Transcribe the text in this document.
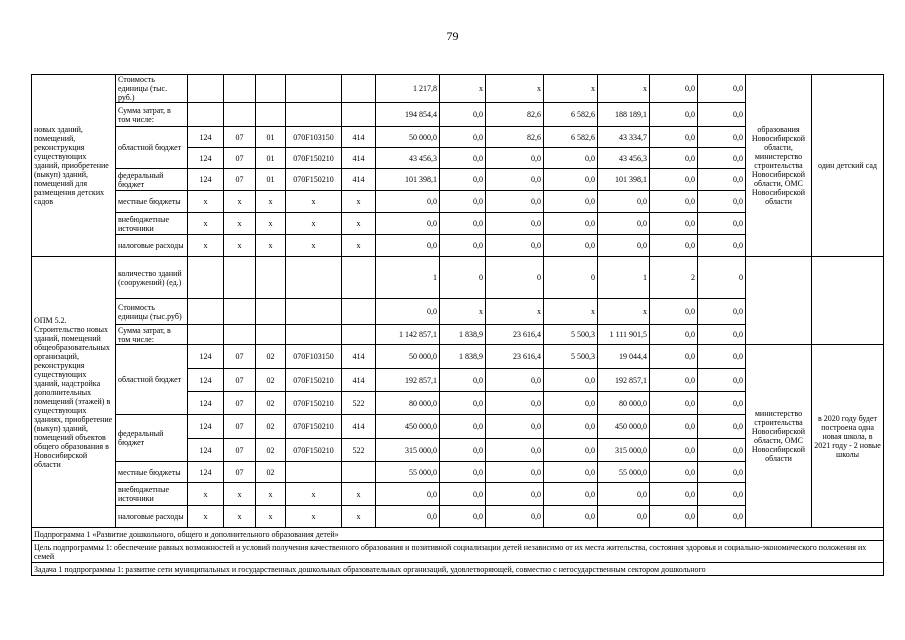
79
новых зданий, помещений, реконструкция существующих зданий, приобретение (выкуп) зданий, помещений для размещения детских садов	Стоимость единицы (тыс. руб.)						1 217,8	x	x	x	x	0,0	0,0	образования Новосибирской области, министерство строительства Новосибирской области, ОМС Новосибирской области	один детский сад
	Сумма затрат, в том числе:						194 854,4	0,0	82,6	6 582,6	188 189,1	0,0	0,0		
	областной бюджет	124	07	01	070F103150	414	50 000,0	0,0	82,6	6 582,6	43 334,7	0,0	0,0		
		124	07	01	070F150210	414	43 456,3	0,0	0,0	0,0	43 456,3	0,0	0,0		
	федеральный бюджет	124	07	01	070F150210	414	101 398,1	0,0	0,0	0,0	101 398,1	0,0	0,0		
	местные бюджеты	x	x	x	x	x	0,0	0,0	0,0	0,0	0,0	0,0	0,0		
	внебюджетные источники	x	x	x	x	x	0,0	0,0	0,0	0,0	0,0	0,0	0,0		
	налоговые расходы	x	x	x	x	x	0,0	0,0	0,0	0,0	0,0	0,0	0,0		
ОПМ 5.2. Строительство новых зданий, помещений общеобразовательных организаций, реконструкция существующих зданий, надстройка дополнительных помещений (этажей) в существующих зданиях, приобретение (выкуп) зданий, помещений объектов общего образования в Новосибирской области	количество зданий (сооружений) (ед.)						1	0	0	0	1	2	0		
	Стоимость единицы (тыс.руб)						0,0	x	x	x	x	0,0	0,0		
	Сумма затрат, в том числе:						1 142 857,1	1 838,9	23 616,4	5 500,3	1 111 901,5	0,0	0,0		
	областной бюджет	124	07	02	070F103150	414	50 000,0	1 838,9	23 616,4	5 500,3	19 044,4	0,0	0,0	министерство строительства Новосибирской области, ОМС Новосибирской области	в 2020 году будет построена одна новая школа, в 2021 году - 2 новые школы
		124	07	02	070F150210	414	192 857,1	0,0	0,0	0,0	192 857,1	0,0	0,0		
		124	07	02	070F150210	522	80 000,0	0,0	0,0	0,0	80 000,0	0,0	0,0		
	федеральный бюджет	124	07	02	070F150210	414	450 000,0	0,0	0,0	0,0	450 000,0	0,0	0,0		
		124	07	02	070F150210	522	315 000,0	0,0	0,0	0,0	315 000,0	0,0	0,0		
	местные бюджеты	124	07	02			55 000,0	0,0	0,0	0,0	55 000,0	0,0	0,0		
	внебюджетные источники	x	x	x	x	x	0,0	0,0	0,0	0,0	0,0	0,0	0,0		
	налоговые расходы	x	x	x	x	x	0,0	0,0	0,0	0,0	0,0	0,0	0,0		
Подпрограмма 1 «Развитие дошкольного, общего и дополнительного образования детей»															
Цель подпрограммы 1: обеспечение равных возможностей и условий получения качественного образования и позитивной социализации детей независимо от их места жительства, состояния здоровья и социально-экономического положения их семей															
Задача 1 подпрограммы 1: развитие сети муниципальных и государственных дошкольных образовательных организаций, удовлетворяющей, совместно с негосударственным сектором дошкольного															
